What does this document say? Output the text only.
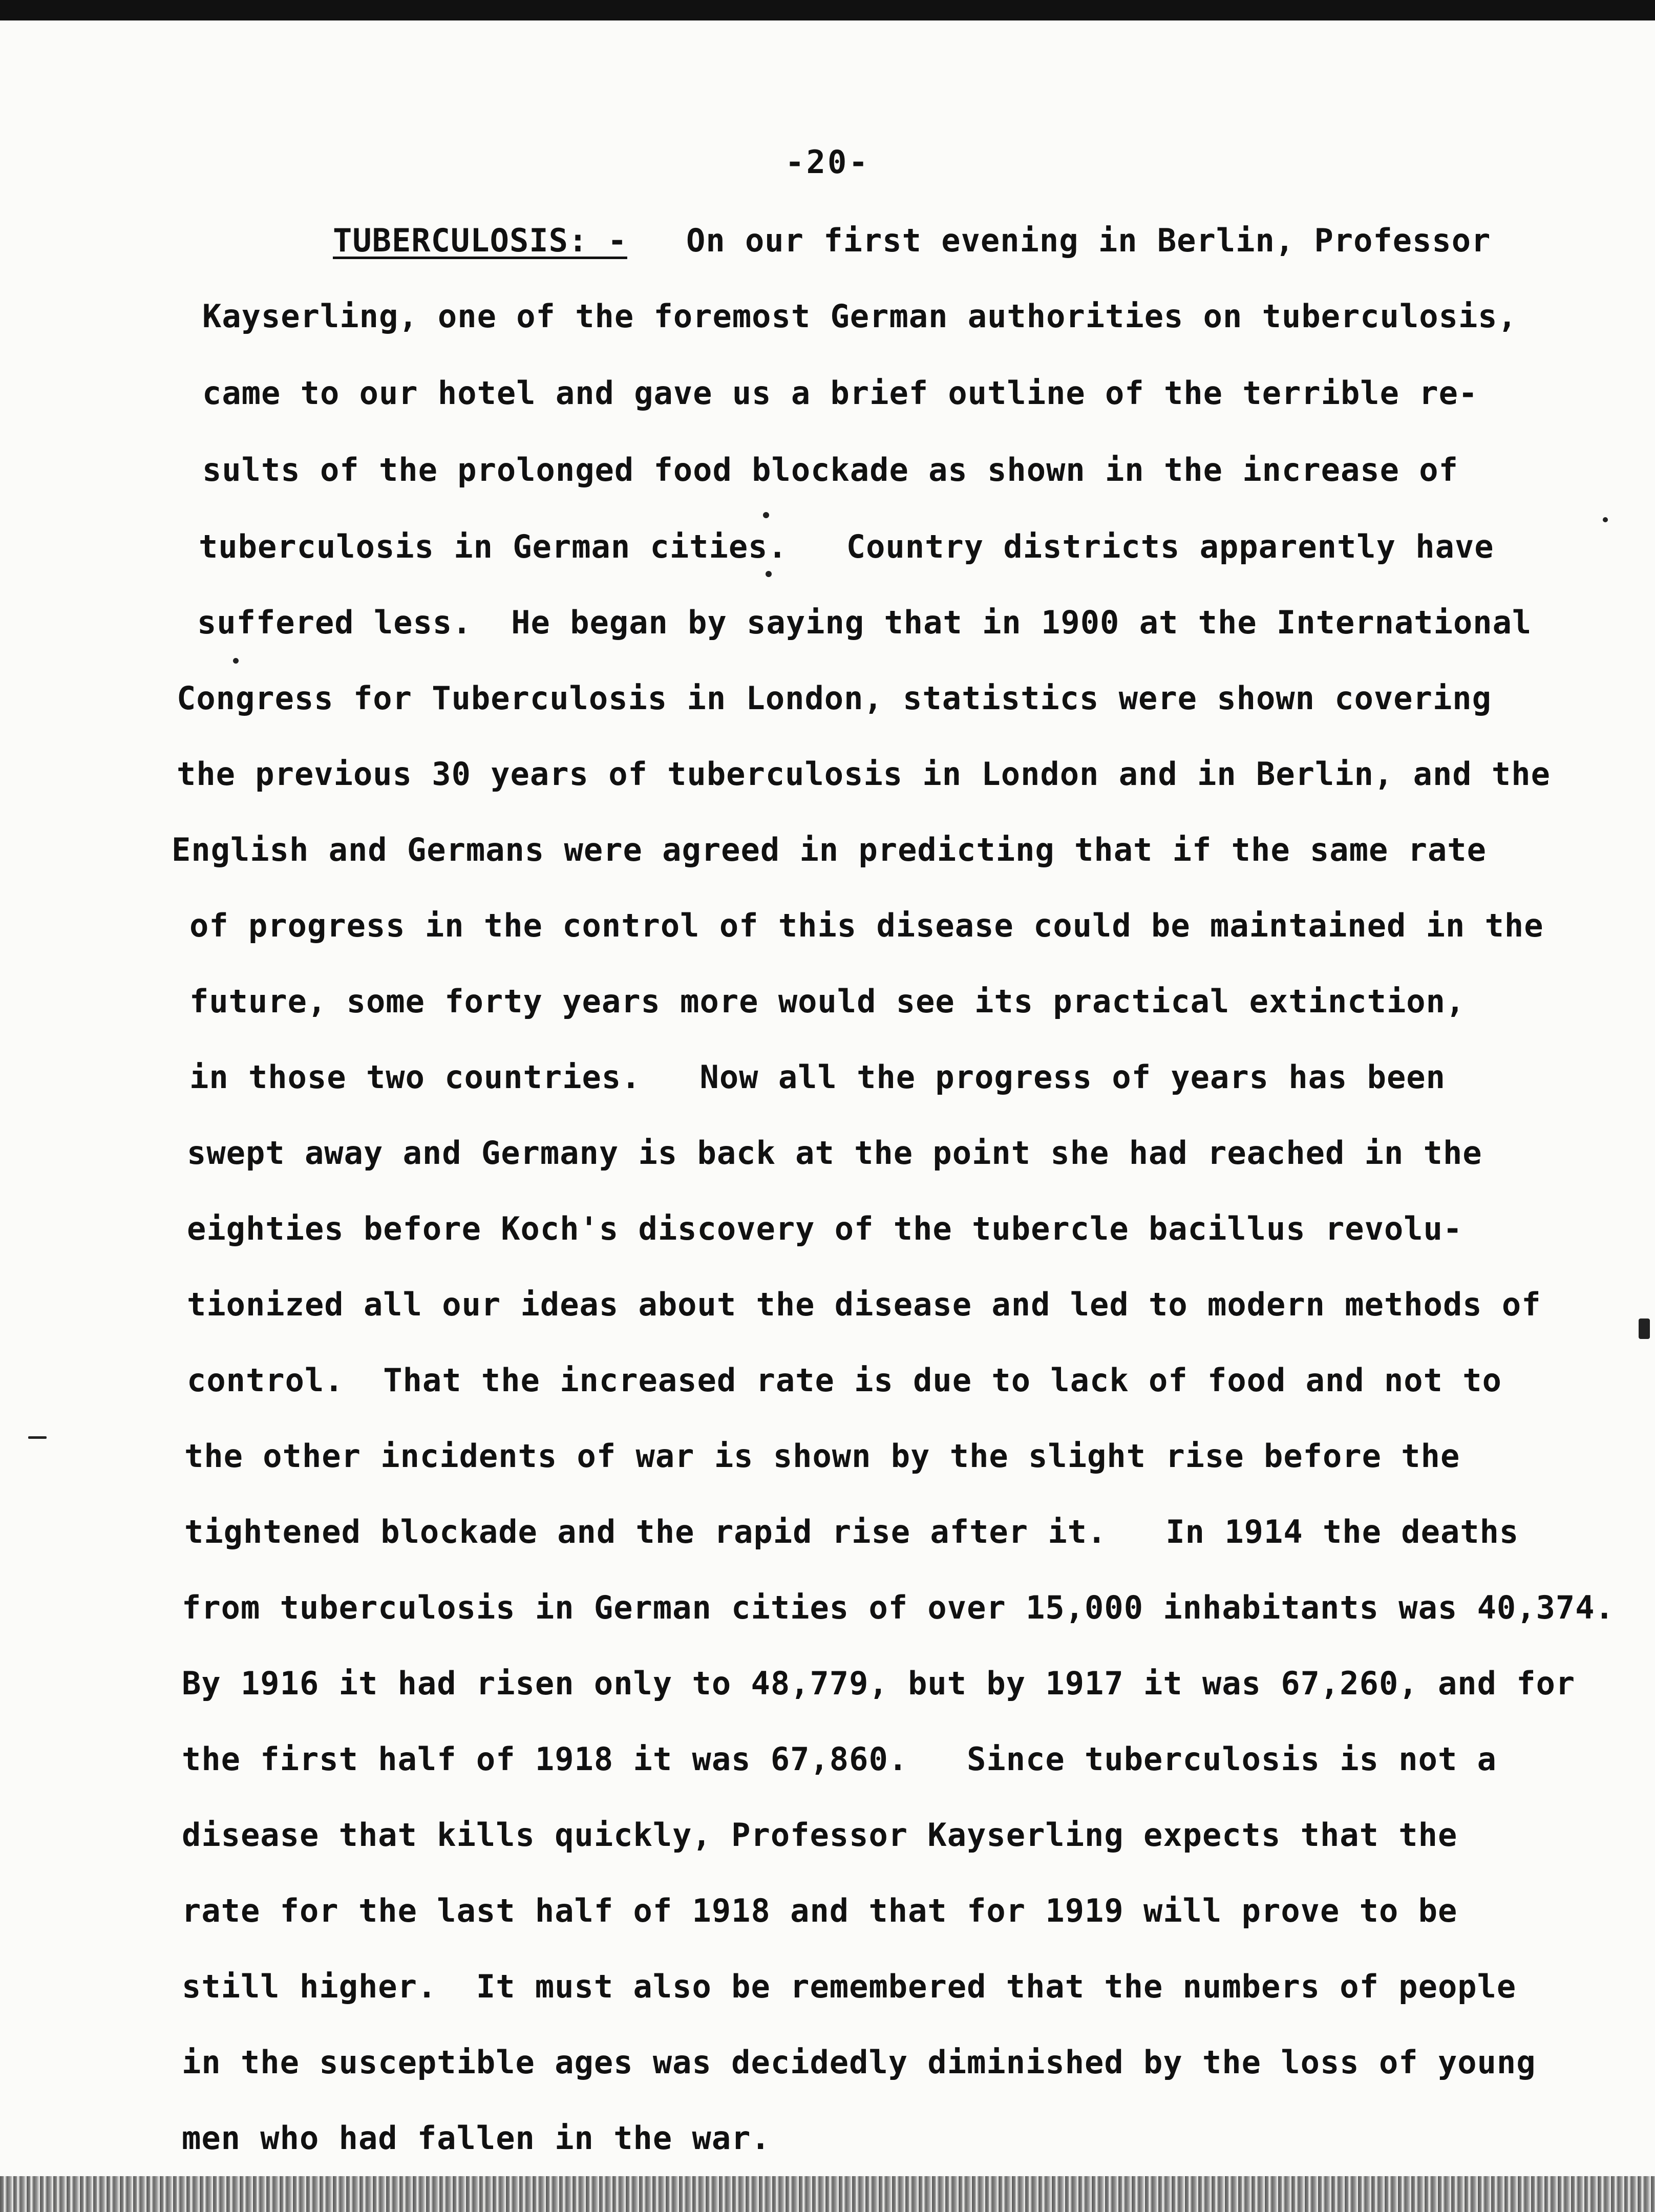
-20-
TUBERCULOSIS: - On our first evening in Berlin, Professor
Kayserling, one of the foremost German authorities on tuberculosis,
came to our hotel and gave us a brief outline of the terrible re-
sults of the prolonged food blockade as shown in the increase of
tuberculosis in German cities.   Country districts apparently have
suffered less.  He began by saying that in 1900 at the International
Congress for Tuberculosis in London, statistics were shown covering
the previous 30 years of tuberculosis in London and in Berlin, and the
English and Germans were agreed in predicting that if the same rate
of progress in the control of this disease could be maintained in the
future, some forty years more would see its practical extinction,
in those two countries.   Now all the progress of years has been
swept away and Germany is back at the point she had reached in the
eighties before Koch's discovery of the tubercle bacillus revolu-
tionized all our ideas about the disease and led to modern methods of
control.  That the increased rate is due to lack of food and not to
the other incidents of war is shown by the slight rise before the
tightened blockade and the rapid rise after it.   In 1914 the deaths
from tuberculosis in German cities of over 15,000 inhabitants was 40,374.
By 1916 it had risen only to 48,779, but by 1917 it was 67,260, and for
the first half of 1918 it was 67,860.   Since tuberculosis is not a
disease that kills quickly, Professor Kayserling expects that the
rate for the last half of 1918 and that for 1919 will prove to be
still higher.  It must also be remembered that the numbers of people
in the susceptible ages was decidedly diminished by the loss of young
men who had fallen in the war.
